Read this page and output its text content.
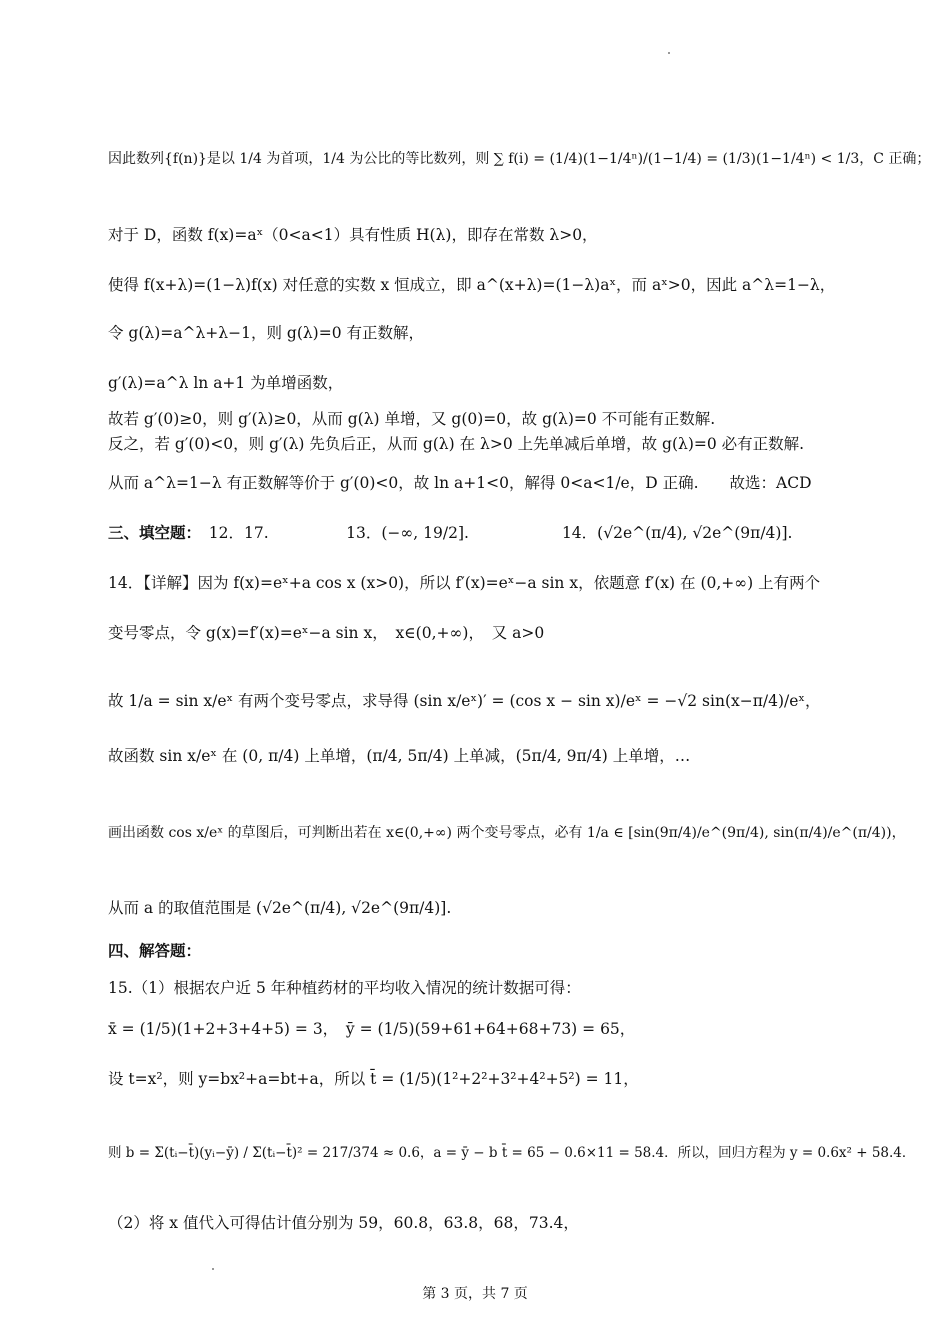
因此数列{f(n)}是以 1/4 为首项，1/4 为公比的等比数列，则 ∑ f(i) = (1/4)(1−1/4ⁿ)/(1−1/4) = (1/3)(1−1/4ⁿ) < 1/3，C 正确；
对于 D，函数 f(x)=aˣ（0<a<1）具有性质 H(λ)，即存在常数 λ>0，
使得 f(x+λ)=(1−λ)f(x) 对任意的实数 x 恒成立，即 a^(x+λ)=(1−λ)aˣ，而 aˣ>0，因此 a^λ=1−λ，
令 g(λ)=a^λ+λ−1，则 g(λ)=0 有正数解，
g′(λ)=a^λ ln a+1 为单增函数，
故若 g′(0)≥0，则 g′(λ)≥0，从而 g(λ) 单增，又 g(0)=0，故 g(λ)=0 不可能有正数解.
反之，若 g′(0)<0，则 g′(λ) 先负后正，从而 g(λ) 在 λ>0 上先单减后单增，故 g(λ)=0 必有正数解.
从而 a^λ=1−λ 有正数解等价于 g′(0)<0，故 ln a+1<0，解得 0<a<1/e，D 正确.　　故选：ACD
三、填空题：　12．17.　　　　　13．(−∞, 19/2].　　　　　　14．(√2e^(π/4), √2e^(9π/4)].
14．【详解】因为 f(x)=eˣ+a cos x (x>0)，所以 f′(x)=eˣ−a sin x，依题意 f′(x) 在 (0,+∞) 上有两个
变号零点，令 g(x)=f′(x)=eˣ−a sin x，　x∈(0,+∞)，　又 a>0
故 1/a = sin x/eˣ 有两个变号零点，求导得 (sin x/eˣ)′ = (cos x − sin x)/eˣ = −√2 sin(x−π/4)/eˣ，
故函数 sin x/eˣ 在 (0, π/4) 上单增，(π/4, 5π/4) 上单减，(5π/4, 9π/4) 上单增，…
画出函数 cos x/eˣ 的草图后，可判断出若在 x∈(0,+∞) 两个变号零点，必有 1/a ∈ [sin(9π/4)/e^(9π/4), sin(π/4)/e^(π/4))，
从而 a 的取值范围是 (√2e^(π/4), √2e^(9π/4)].
四、解答题：
15.（1）根据农户近 5 年种植药材的平均收入情况的统计数据可得：
x̄ = (1/5)(1+2+3+4+5) = 3，　ȳ = (1/5)(59+61+64+68+73) = 65，
设 t=x²，则 y=bx²+a=bt+a，所以 t̄ = (1/5)(1²+2²+3²+4²+5²) = 11，
则 b = Σ(tᵢ−t̄)(yᵢ−ȳ) / Σ(tᵢ−t̄)² = 217/374 ≈ 0.6，a = ȳ − b t̄ = 65 − 0.6×11 = 58.4．所以，回归方程为 y = 0.6x² + 58.4．
（2）将 x 值代入可得估计值分别为 59，60.8，63.8，68，73.4，
第 3 页，共 7 页
